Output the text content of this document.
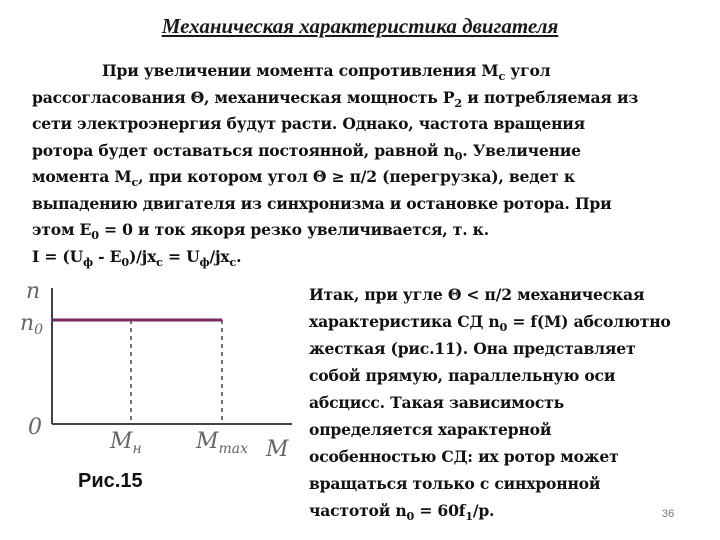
Механическая характеристика двигателя
При увеличении момента сопротивления $М_с$ угол
рассогласования Θ, механическая мощность $Р_2$ и потребляемая из
сети электроэнергия будут расти. Однако, частота вращения
ротора будет оставаться постоянной, равной $n_0$. Увеличение
момента $М_с$, при котором угол Θ ≥ π/2 (перегрузка), ведет к
выпадению двигателя из синхронизма и остановке ротора. При
этом $Е_0 = 0$ и ток якоря резко увеличивается, т. к.
$I = (U_ф - E_0)/jx_c = U_ф/jx_c$.
n
n0
0
$M_н$ $M_{max}$ M
Итак, при угле Θ < π/2 механическая
характеристика СД $n_0 = f(M)$ абсолютно
жесткая (рис.11). Она представляет
собой прямую, параллельную оси
абсцисс. Такая зависимость
определяется характерной
особенностью СД: их ротор может
вращаться только с синхронной
частотой $n_0 = 60f_1/р$.
Рис.15
36
